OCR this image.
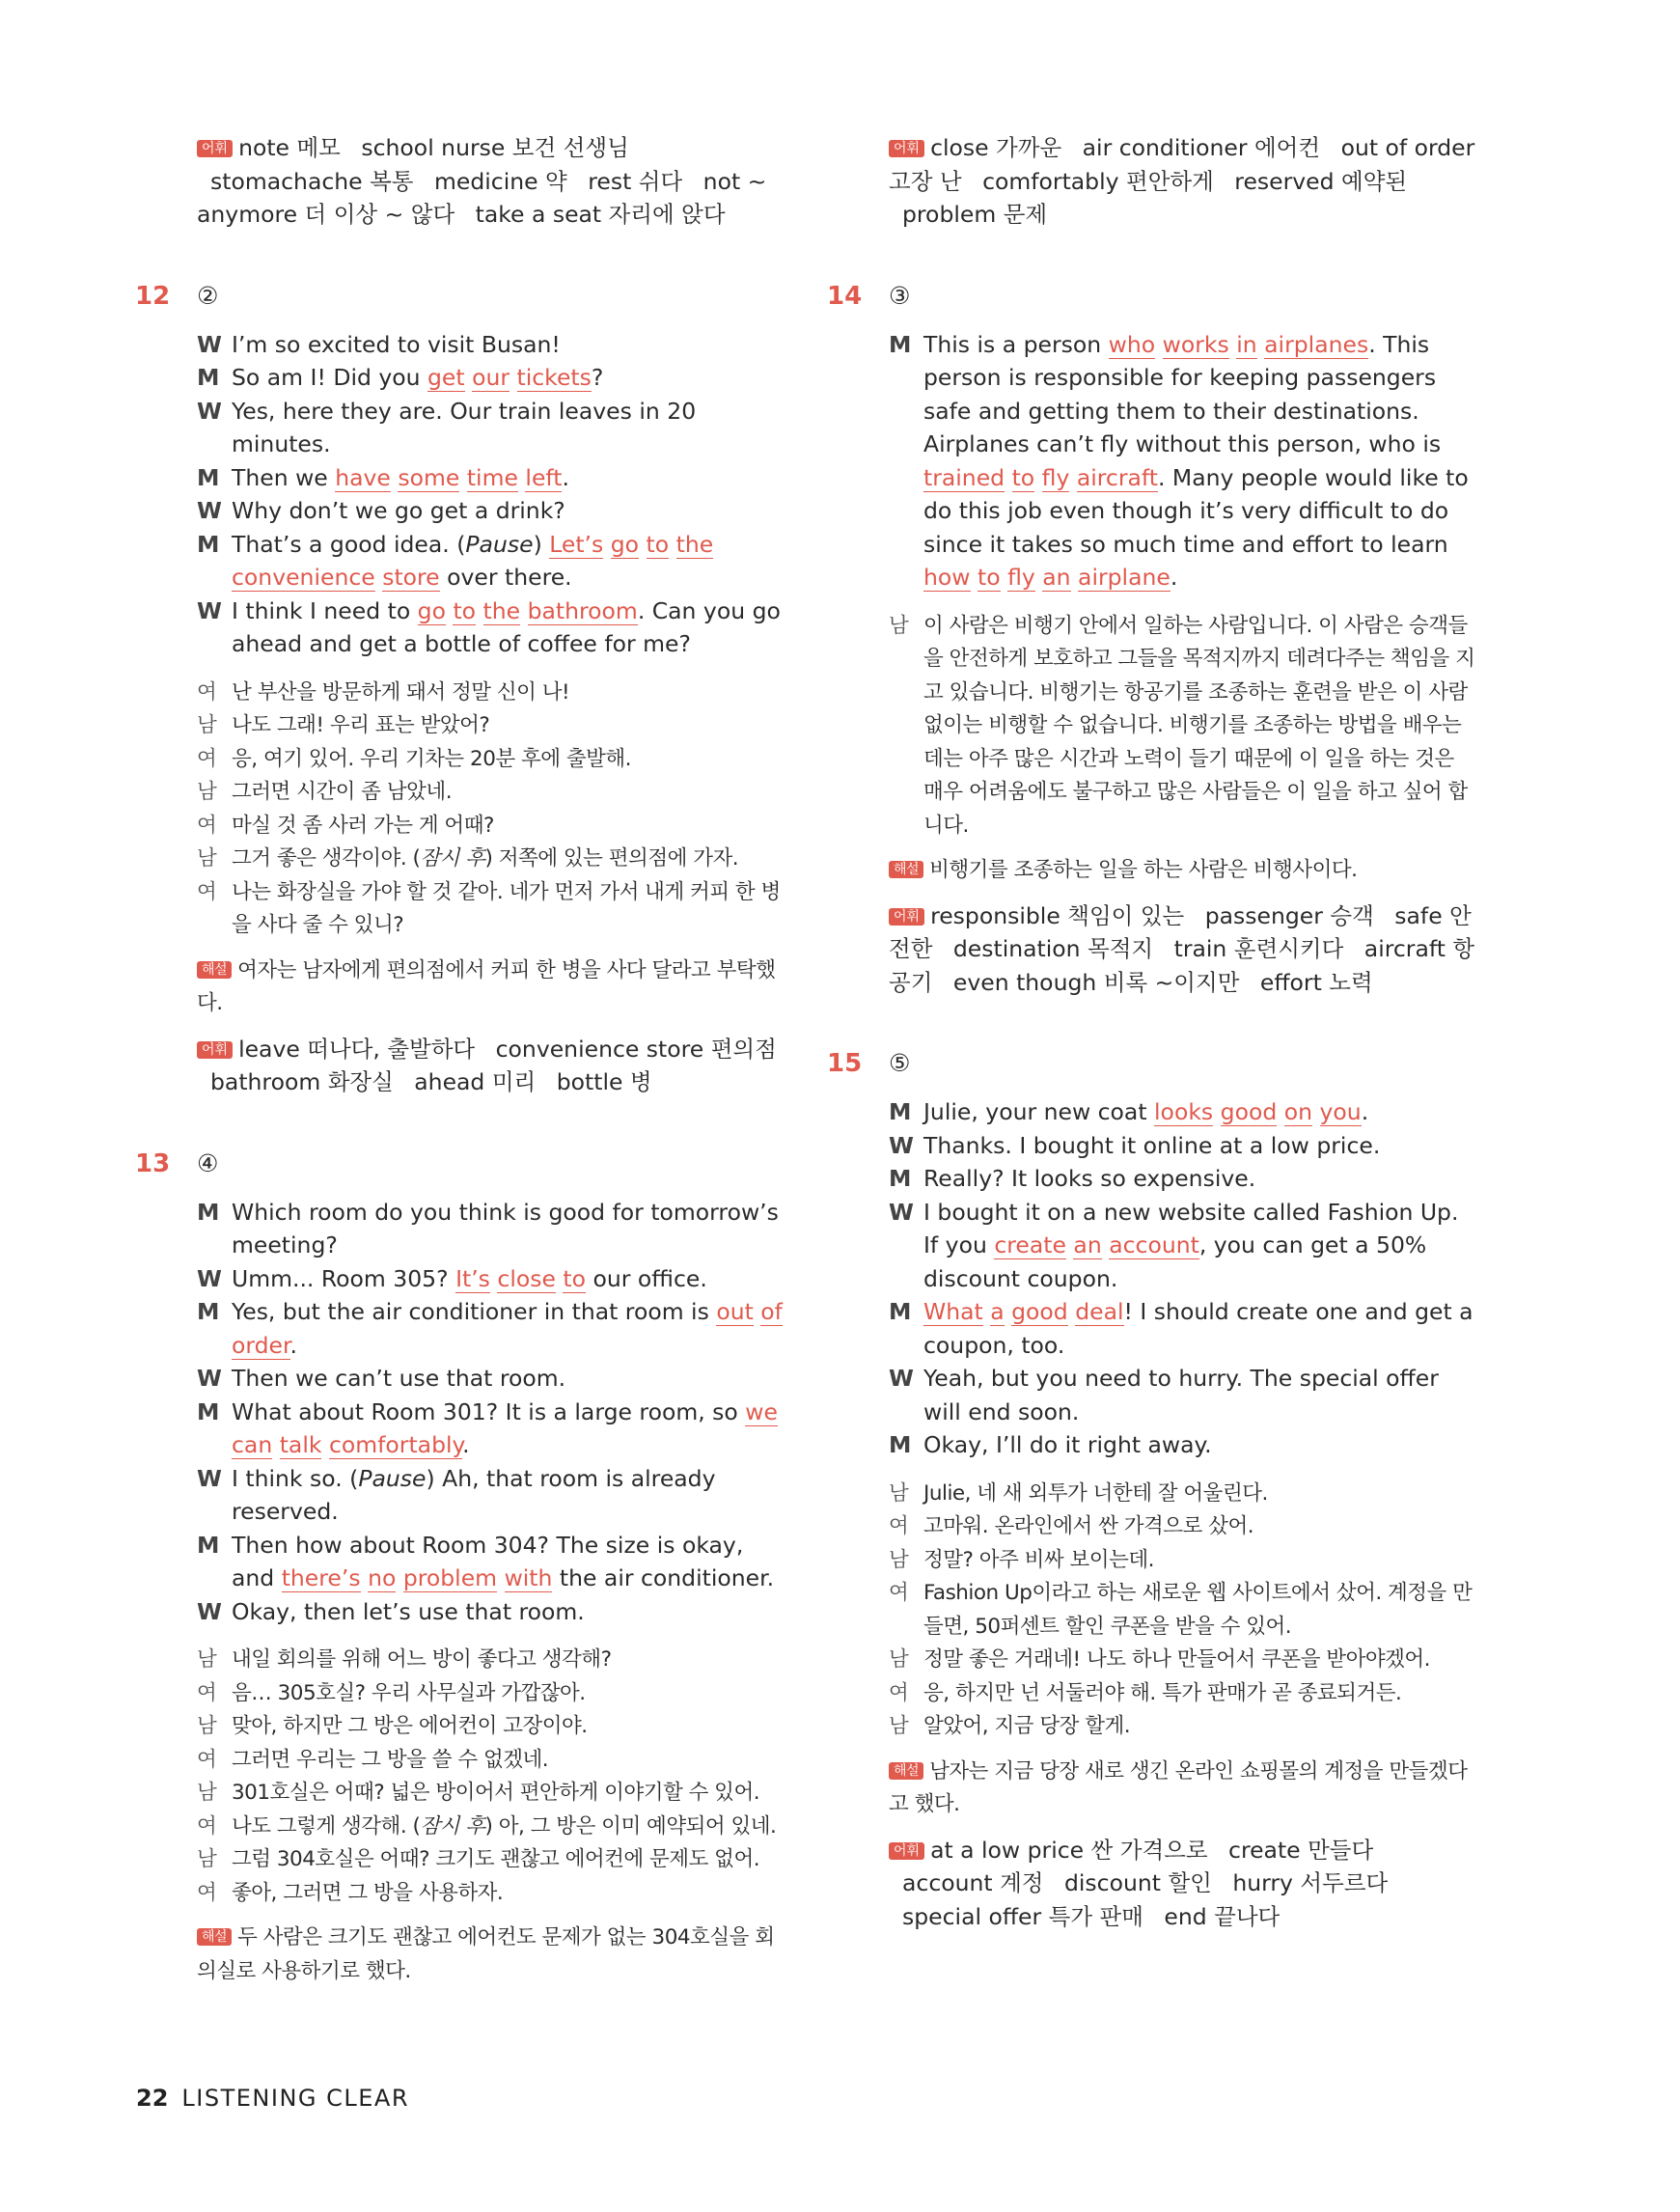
어휘 note 메모 school nurse 보건 선생님 stomachache 복통 medicine 약 rest 쉬다 not ~ anymore 더 이상 ~ 않다 take a seat 자리에 앉다
12 ②
W I’m so excited to visit Busan!
M So am I! Did you get our tickets?
W Yes, here they are. Our train leaves in 20 minutes.
M Then we have some time left.
W Why don’t we go get a drink?
M That’s a good idea. (Pause) Let’s go to the convenience store over there.
W I think I need to go to the bathroom. Can you go ahead and get a bottle of coffee for me?
여 난 부산을 방문하게 돼서 정말 신이 나!
남 나도 그래! 우리 표는 받았어?
여 응, 여기 있어. 우리 기차는 20분 후에 출발해.
남 그러면 시간이 좀 남았네.
여 마실 것 좀 사러 가는 게 어때?
남 그거 좋은 생각이야. (잠시 후) 저쪽에 있는 편의점에 가자.
여 나는 화장실을 가야 할 것 같아. 네가 먼저 가서 내게 커피 한 병을 사다 줄 수 있니?
해설 여자는 남자에게 편의점에서 커피 한 병을 사다 달라고 부탁했다.
어휘 leave 떠나다, 출발하다 convenience store 편의점 bathroom 화장실 ahead 미리 bottle 병
13 ④
M Which room do you think is good for tomorrow’s meeting?
W Umm... Room 305? It’s close to our office.
M Yes, but the air conditioner in that room is out of order.
W Then we can’t use that room.
M What about Room 301? It is a large room, so we can talk comfortably.
W I think so. (Pause) Ah, that room is already reserved.
M Then how about Room 304? The size is okay, and there’s no problem with the air conditioner.
W Okay, then let’s use that room.
남 내일 회의를 위해 어느 방이 좋다고 생각해?
여 음… 305호실? 우리 사무실과 가깝잖아.
남 맞아, 하지만 그 방은 에어컨이 고장이야.
여 그러면 우리는 그 방을 쓸 수 없겠네.
남 301호실은 어때? 넓은 방이어서 편안하게 이야기할 수 있어.
여 나도 그렇게 생각해. (잠시 후) 아, 그 방은 이미 예약되어 있네.
남 그럼 304호실은 어때? 크기도 괜찮고 에어컨에 문제도 없어.
여 좋아, 그러면 그 방을 사용하자.
해설 두 사람은 크기도 괜찮고 에어컨도 문제가 없는 304호실을 회의실로 사용하기로 했다.
어휘 close 가까운 air conditioner 에어컨 out of order 고장 난 comfortably 편안하게 reserved 예약된 problem 문제
14 ③
M This is a person who works in airplanes. This person is responsible for keeping passengers safe and getting them to their destinations. Airplanes can’t fly without this person, who is trained to fly aircraft. Many people would like to do this job even though it’s very difficult to do since it takes so much time and effort to learn how to fly an airplane.
남 이 사람은 비행기 안에서 일하는 사람입니다. 이 사람은 승객들을 안전하게 보호하고 그들을 목적지까지 데려다주는 책임을 지고 있습니다. 비행기는 항공기를 조종하는 훈련을 받은 이 사람 없이는 비행할 수 없습니다. 비행기를 조종하는 방법을 배우는 데는 아주 많은 시간과 노력이 들기 때문에 이 일을 하는 것은 매우 어려움에도 불구하고 많은 사람들은 이 일을 하고 싶어 합니다.
해설 비행기를 조종하는 일을 하는 사람은 비행사이다.
어휘 responsible 책임이 있는 passenger 승객 safe 안전한 destination 목적지 train 훈련시키다 aircraft 항공기 even though 비록 ~이지만 effort 노력
15 ⑤
M Julie, your new coat looks good on you.
W Thanks. I bought it online at a low price.
M Really? It looks so expensive.
W I bought it on a new website called Fashion Up. If you create an account, you can get a 50% discount coupon.
M What a good deal! I should create one and get a coupon, too.
W Yeah, but you need to hurry. The special offer will end soon.
M Okay, I’ll do it right away.
남 Julie, 네 새 외투가 너한테 잘 어울린다.
여 고마워. 온라인에서 싼 가격으로 샀어.
남 정말? 아주 비싸 보이는데.
여 Fashion Up이라고 하는 새로운 웹 사이트에서 샀어. 계정을 만들면, 50퍼센트 할인 쿠폰을 받을 수 있어.
남 정말 좋은 거래네! 나도 하나 만들어서 쿠폰을 받아야겠어.
여 응, 하지만 넌 서둘러야 해. 특가 판매가 곧 종료되거든.
남 알았어, 지금 당장 할게.
해설 남자는 지금 당장 새로 생긴 온라인 쇼핑몰의 계정을 만들겠다고 했다.
어휘 at a low price 싼 가격으로 create 만들다 account 계정 discount 할인 hurry 서두르다 special offer 특가 판매 end 끝나다
22 LISTENING CLEAR
